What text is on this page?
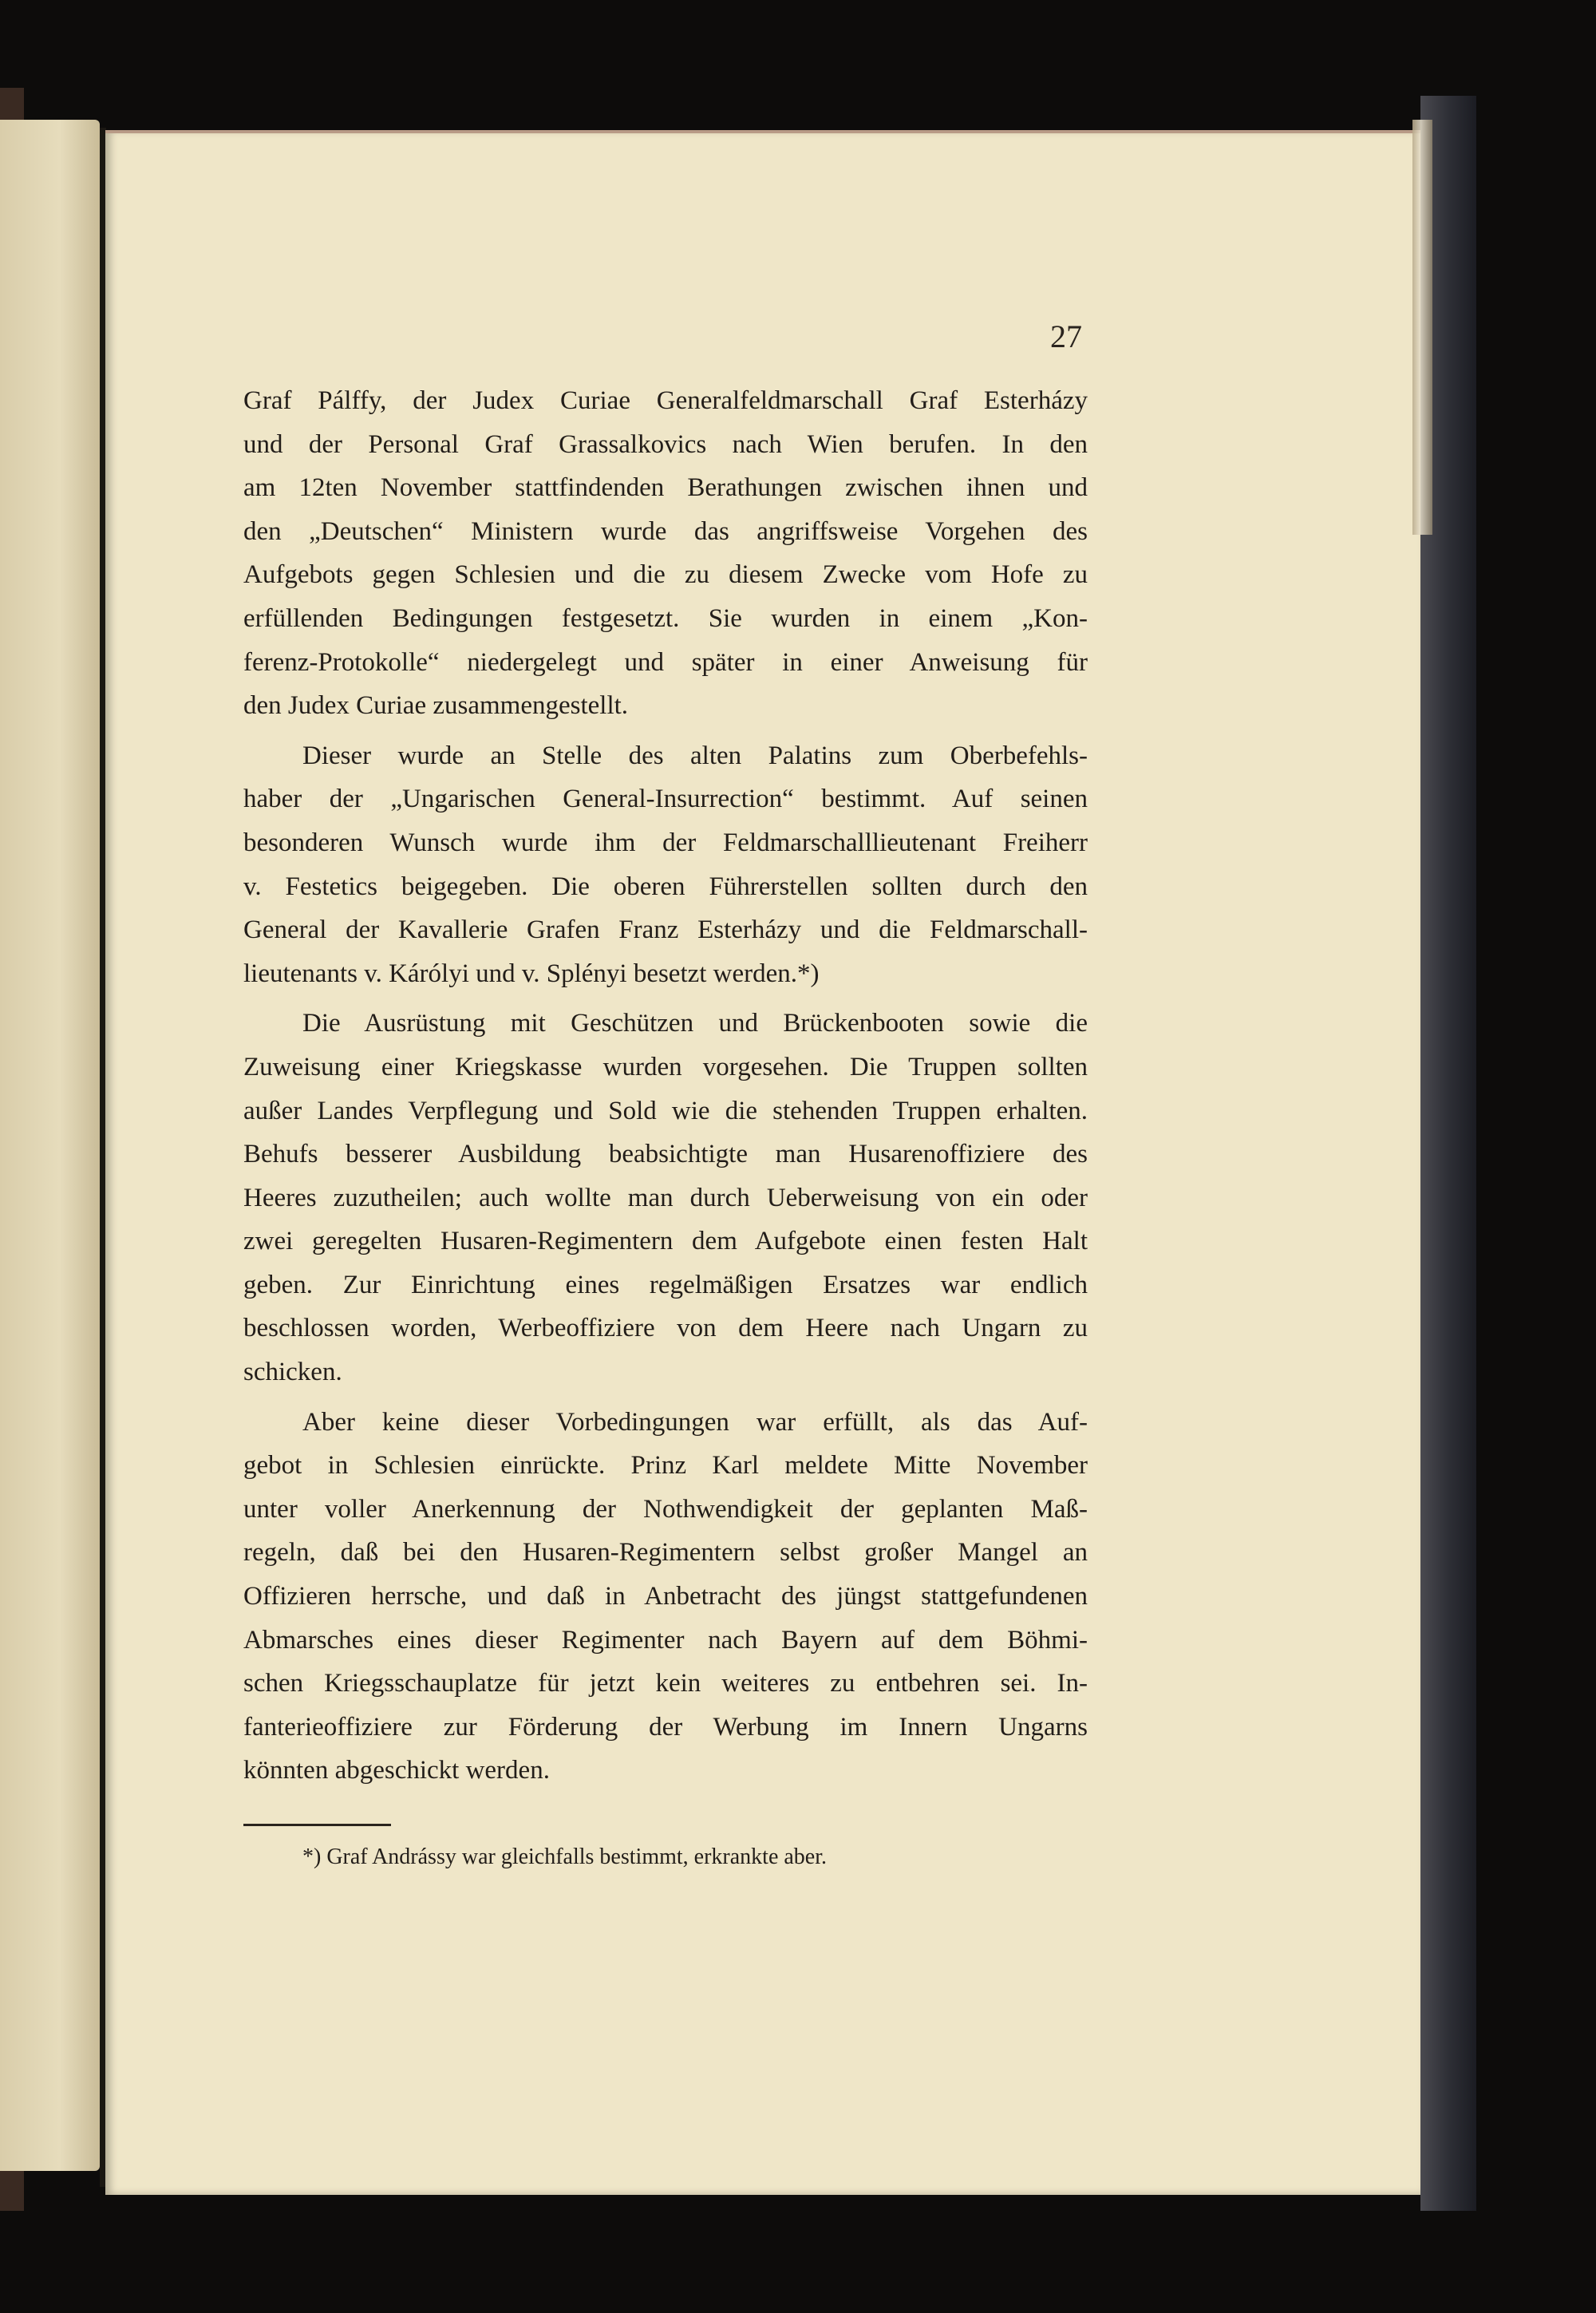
27
Graf Pálffy, der Judex Curiae Generalfeldmarschall Graf Esterházy
und der Personal Graf Grassalkovics nach Wien berufen. In den
am 12ten November stattfindenden Berathungen zwischen ihnen und
den „Deutschen“ Ministern wurde das angriffsweise Vorgehen des
Aufgebots gegen Schlesien und die zu diesem Zwecke vom Hofe zu
erfüllenden Bedingungen festgesetzt. Sie wurden in einem „Kon-
ferenz-Protokolle“ niedergelegt und später in einer Anweisung für
den Judex Curiae zusammengestellt.
Dieser wurde an Stelle des alten Palatins zum Oberbefehls-
haber der „Ungarischen General-Insurrection“ bestimmt. Auf seinen
besonderen Wunsch wurde ihm der Feldmarschalllieutenant Freiherr
v. Festetics beigegeben. Die oberen Führerstellen sollten durch den
General der Kavallerie Grafen Franz Esterházy und die Feldmarschall-
lieutenants v. Kárólyi und v. Splényi besetzt werden.*)
Die Ausrüstung mit Geschützen und Brückenbooten sowie die
Zuweisung einer Kriegskasse wurden vorgesehen. Die Truppen sollten
außer Landes Verpflegung und Sold wie die stehenden Truppen erhalten.
Behufs besserer Ausbildung beabsichtigte man Husarenoffiziere des
Heeres zuzutheilen; auch wollte man durch Ueberweisung von ein oder
zwei geregelten Husaren-Regimentern dem Aufgebote einen festen Halt
geben. Zur Einrichtung eines regelmäßigen Ersatzes war endlich
beschlossen worden, Werbeoffiziere von dem Heere nach Ungarn zu
schicken.
Aber keine dieser Vorbedingungen war erfüllt, als das Auf-
gebot in Schlesien einrückte. Prinz Karl meldete Mitte November
unter voller Anerkennung der Nothwendigkeit der geplanten Maß-
regeln, daß bei den Husaren-Regimentern selbst großer Mangel an
Offizieren herrsche, und daß in Anbetracht des jüngst stattgefundenen
Abmarsches eines dieser Regimenter nach Bayern auf dem Böhmi-
schen Kriegsschauplatze für jetzt kein weiteres zu entbehren sei. In-
fanterieoffiziere zur Förderung der Werbung im Innern Ungarns
könnten abgeschickt werden.
*) Graf Andrássy war gleichfalls bestimmt, erkrankte aber.
